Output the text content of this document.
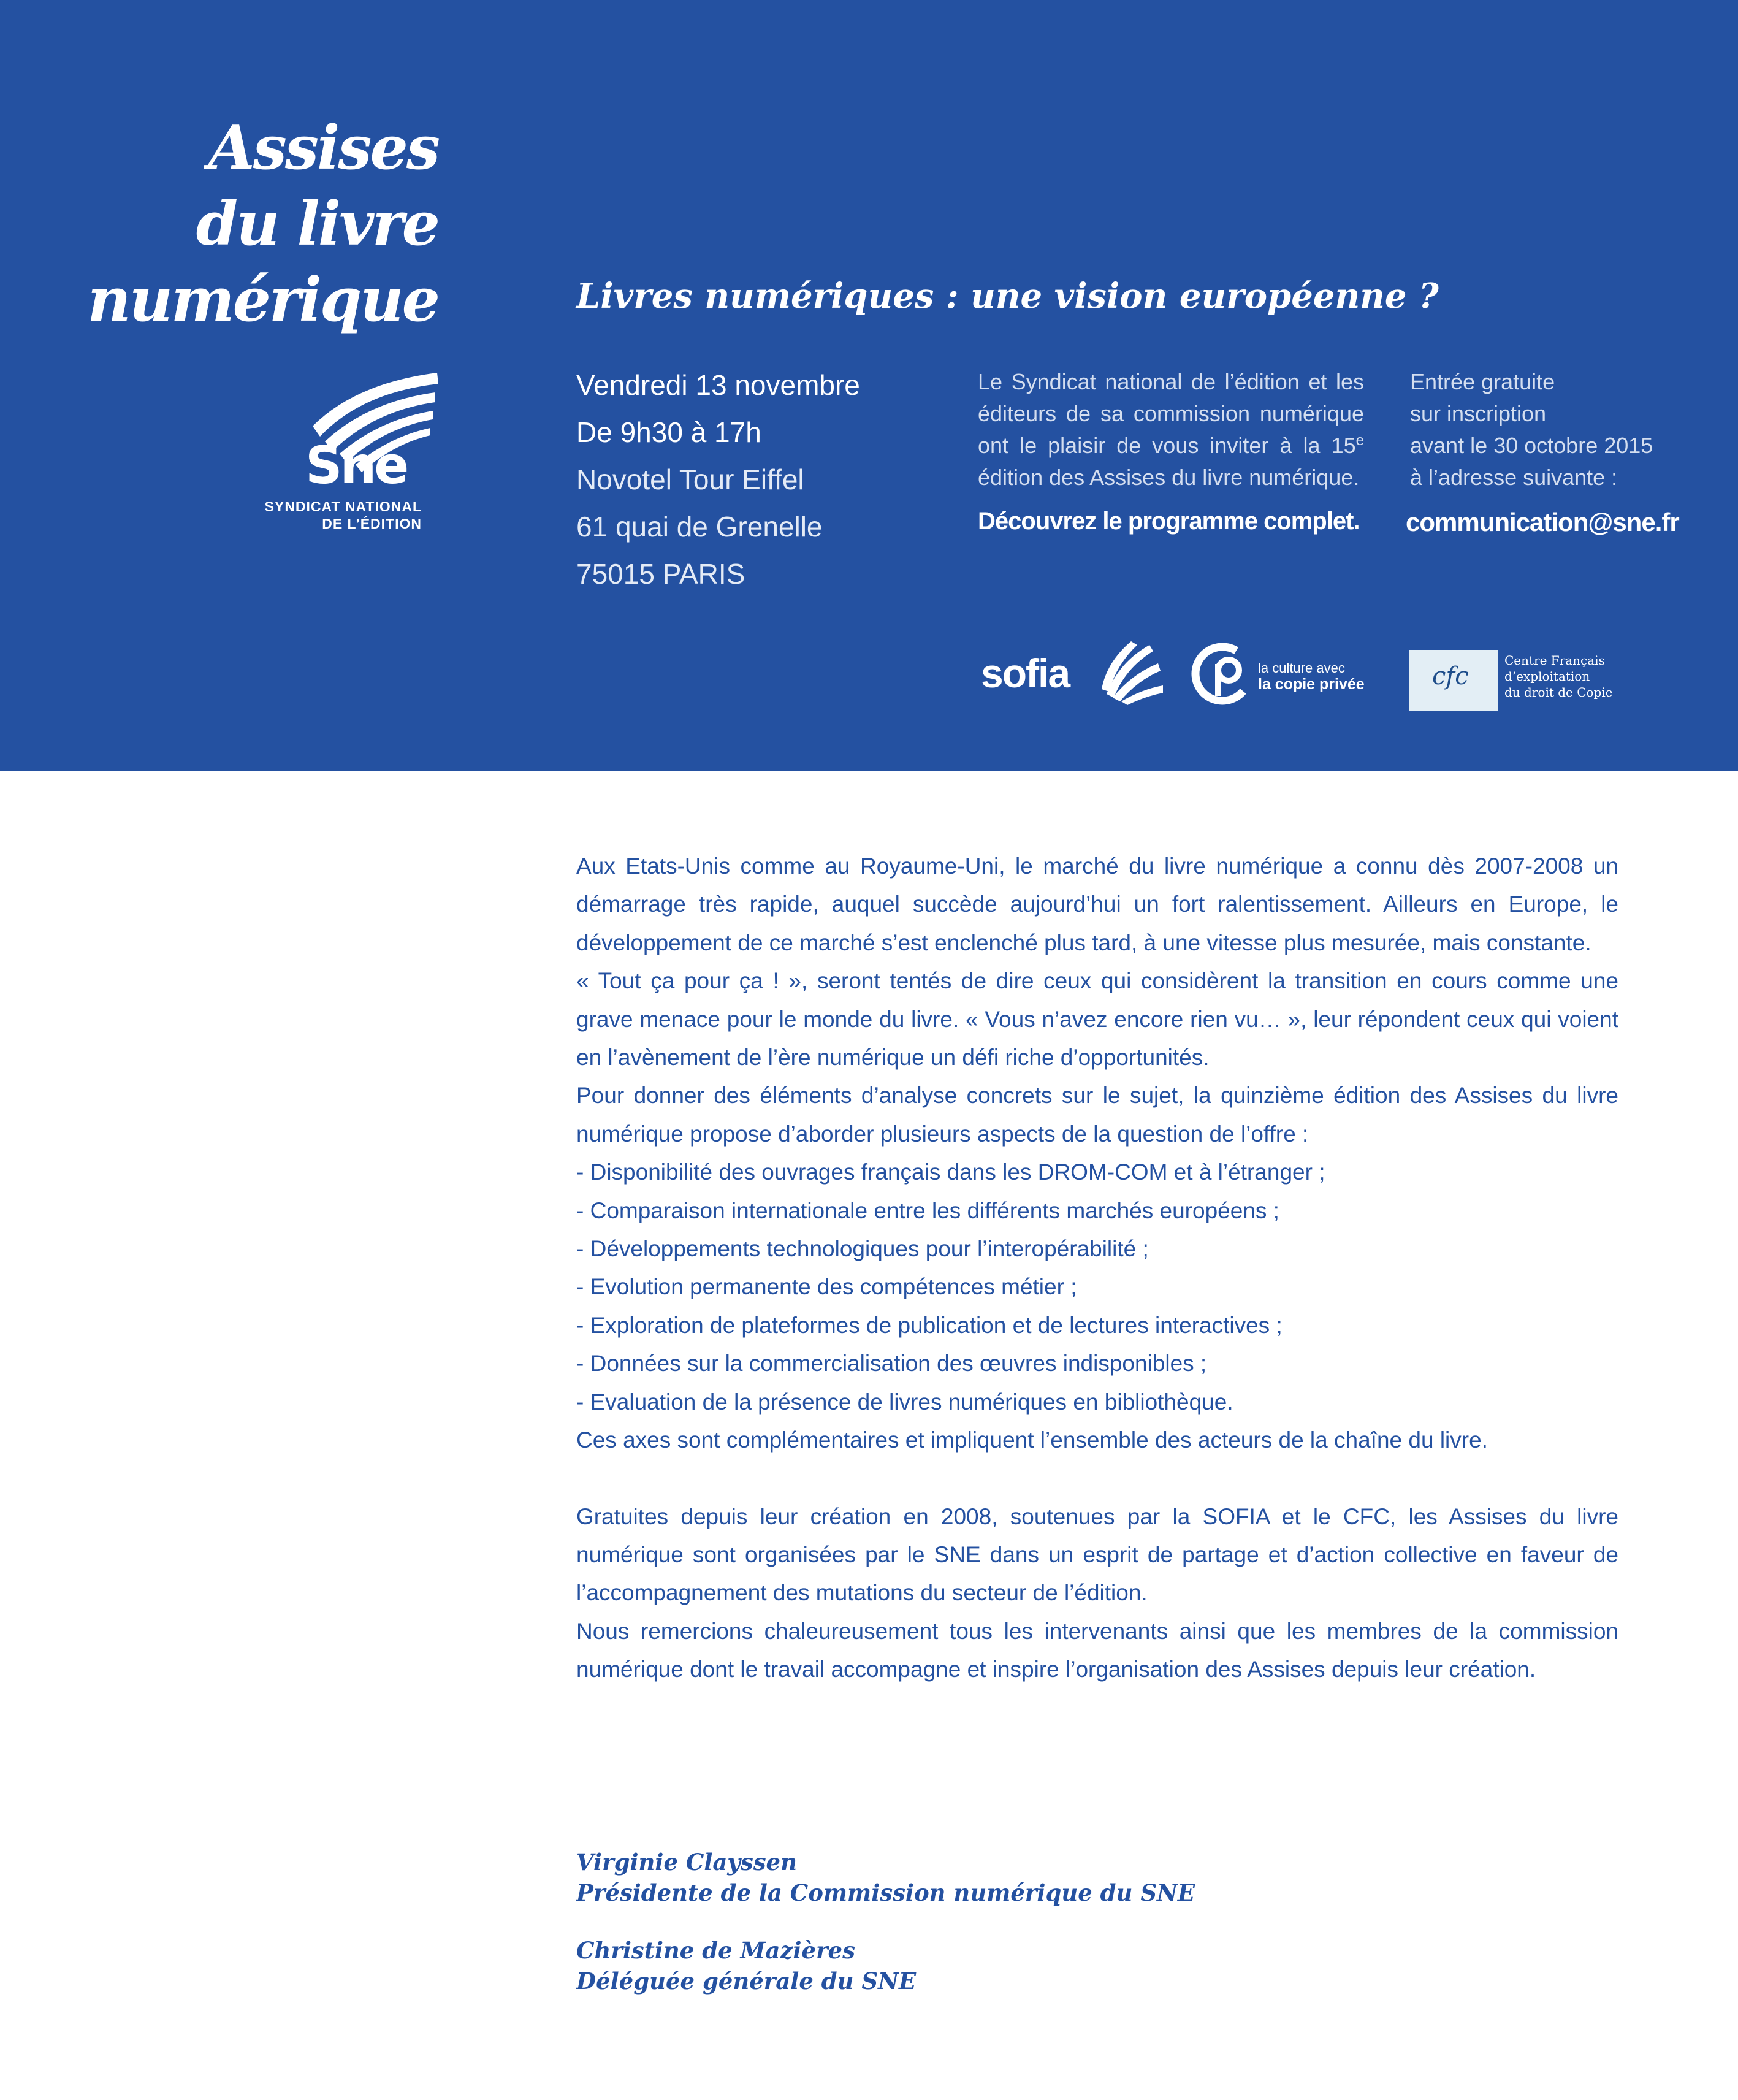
Assises
du livre
numérique
Sne
SYNDICAT NATIONAL
DE L’ÉDITION
Livres numériques : une vision européenne ?
Vendredi 13 novembre
De 9h30 à 17h
Novotel Tour Eiffel
61 quai de Grenelle
75015 PARIS
Le Syndicat national de l’édition et les éditeurs de sa commission numérique ont le plaisir de vous inviter à la 15e édition des Assises du livre numérique.
Découvrez le programme complet.
Entrée gratuite
sur inscription
avant le 30 octobre 2015
à l’adresse suivante :
communication@sne.fr
sofia	la culture avec
la copie privée	cfc
Centre Français
d’exploitation
du droit de Copie

Aux Etats-Unis comme au Royaume-Uni, le marché du livre numérique a connu dès 2007-2008 un démarrage très rapide, auquel succède aujourd’hui un fort ralentissement. Ailleurs en Europe, le développement de ce marché s’est enclenché plus tard, à une vitesse plus mesurée, mais constante.

« Tout ça pour ça ! », seront tentés de dire ceux qui considèrent la transition en cours comme une grave menace pour le monde du livre. « Vous n’avez encore rien vu… », leur répondent ceux qui voient en l’avènement de l’ère numérique un défi riche d’opportunités.

Pour donner des éléments d’analyse concrets sur le sujet, la quinzième édition des Assises du livre numérique propose d’aborder plusieurs aspects de la question de l’offre :

- Disponibilité des ouvrages français dans les DROM-COM et à l’étranger ;

- Comparaison internationale entre les différents marchés européens ;

- Développements technologiques pour l’interopérabilité ;

- Evolution permanente des compétences métier ;

- Exploration de plateformes de publication et de lectures interactives ;

- Données sur la commercialisation des œuvres indisponibles ;

- Evaluation de la présence de livres numériques en bibliothèque.

Ces axes sont complémentaires et impliquent l’ensemble des acteurs de la chaîne du livre.

Gratuites depuis leur création en 2008, soutenues par la SOFIA et le CFC, les Assises du livre numérique sont organisées par le SNE dans un esprit de partage et d’action collective en faveur de l’accompagnement des mutations du secteur de l’édition.

Nous remercions chaleureusement tous les intervenants ainsi que les membres de la commission numérique dont le travail accompagne et inspire l’organisation des Assises depuis leur création.

Virginie Clayssen
Présidente de la Commission numérique du SNE
Christine de Mazières
Déléguée générale du SNE
